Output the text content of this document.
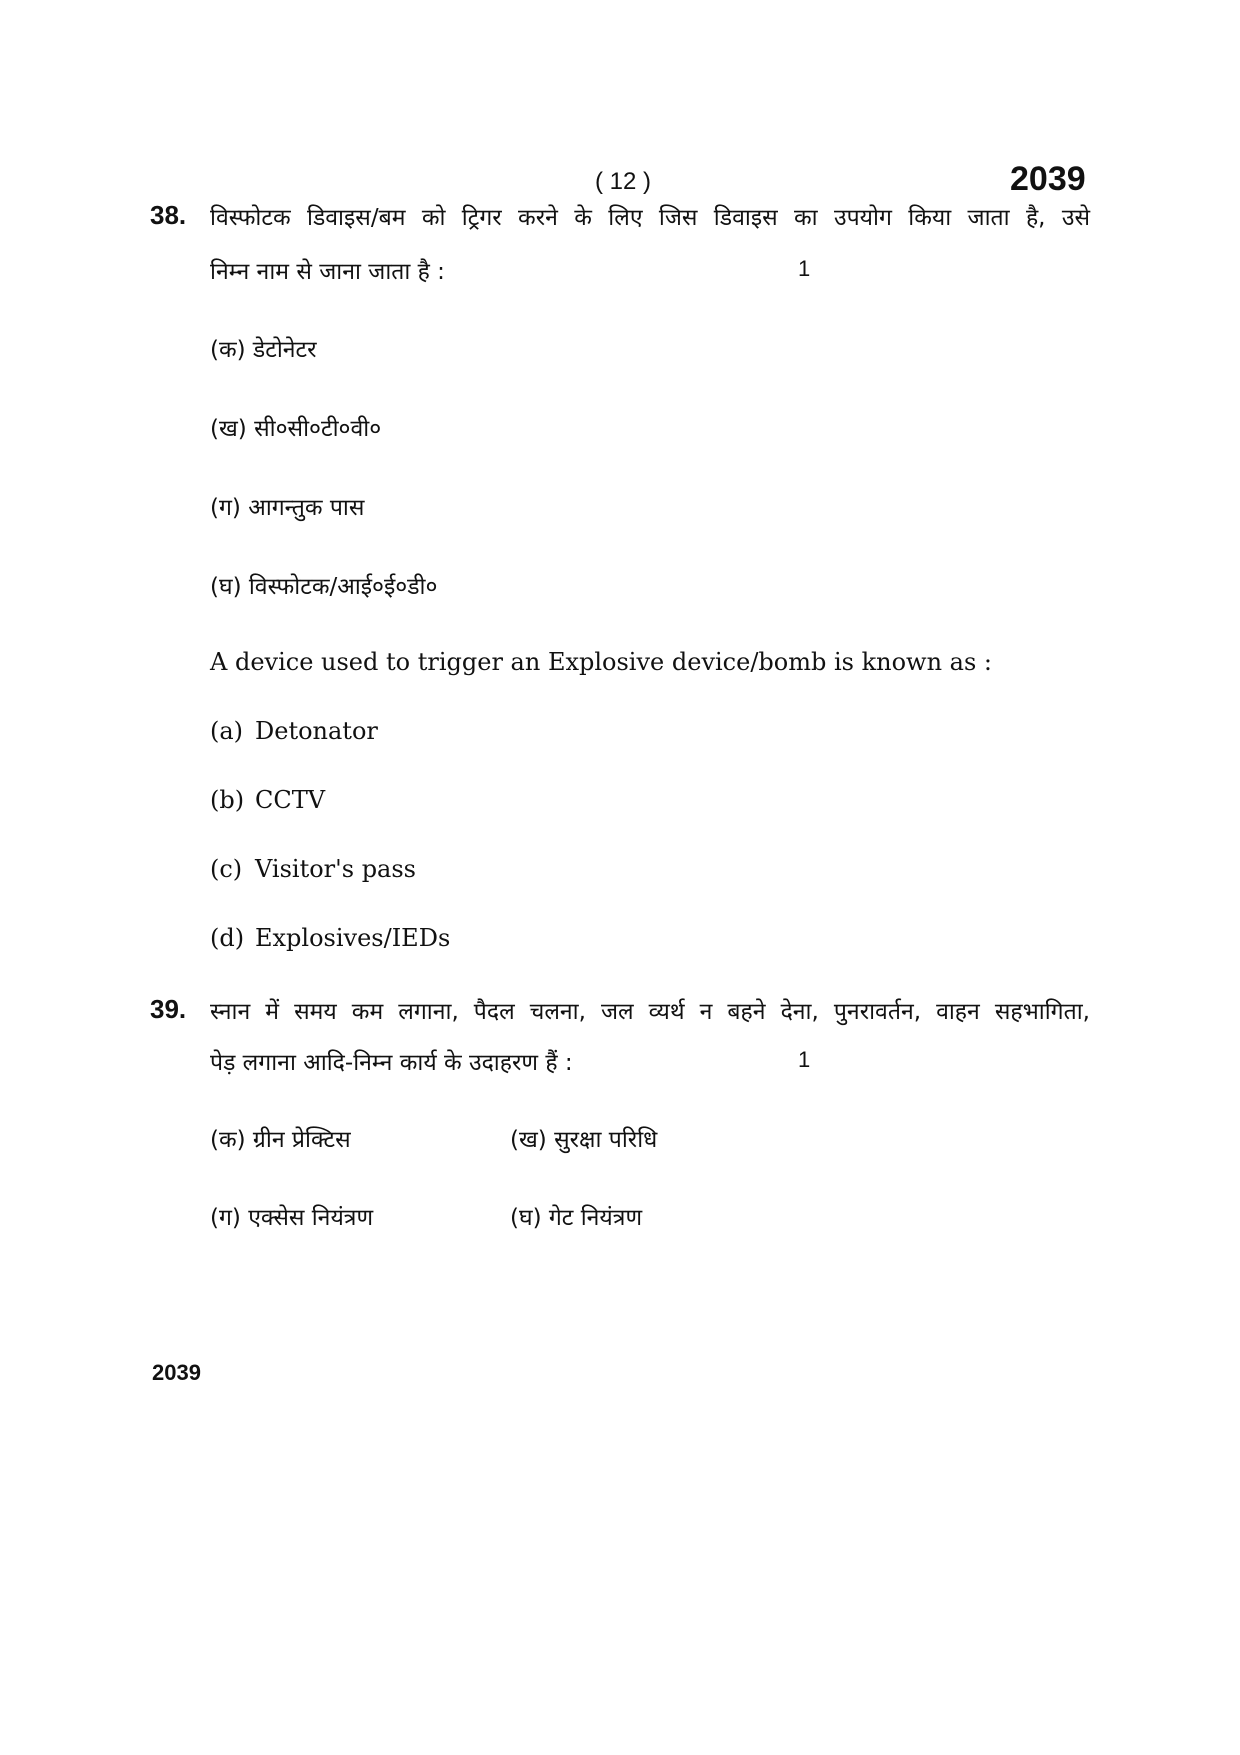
( 12 )	2039
38. विस्फोटक डिवाइस/बम को ट्रिगर करने के लिए जिस डिवाइस का उपयोग किया जाता है, उसे
निम्न नाम से जाना जाता है :	1
(क) डेटोनेटर
(ख) सी०सी०टी०वी०
(ग) आगन्तुक पास
(घ) विस्फोटक/आई०ई०डी०
A device used to trigger an Explosive device/bomb is known as :
(a) Detonator
(b) CCTV
(c) Visitor's pass
(d) Explosives/IEDs
39. स्नान में समय कम लगाना, पैदल चलना, जल व्यर्थ न बहने देना, पुनरावर्तन, वाहन सहभागिता,
पेड़ लगाना आदि-निम्न कार्य के उदाहरण हैं :	1
(क) ग्रीन प्रेक्टिस	(ख) सुरक्षा परिधि
(ग) एक्सेस नियंत्रण	(घ) गेट नियंत्रण
2039
